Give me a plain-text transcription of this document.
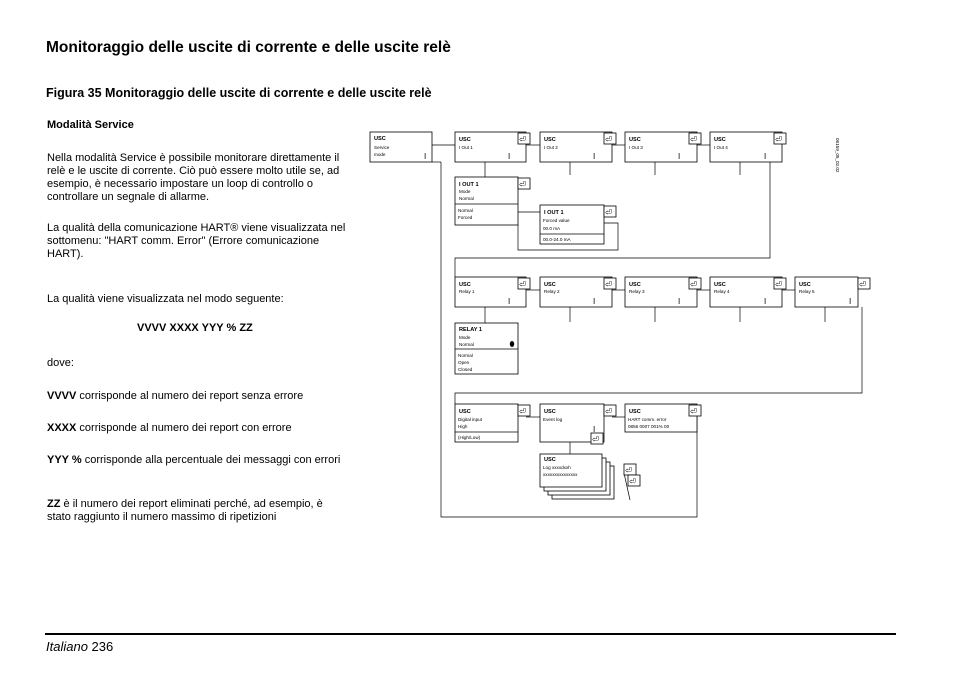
Monitoraggio delle uscite di corrente e delle uscite relè
Figura 35 Monitoraggio delle uscite di corrente e delle uscite relè
Modalità Service
Nella modalità Service è possibile monitorare direttamente il relè e le uscite di corrente. Ciò può essere molto utile se, ad esempio, è necessario impostare un loop di controllo o controllare un segnale di allarme.
La qualità della comunicazione HART® viene visualizzata nel sottomenu: "HART comm. Error" (Errore comunicazione HART).
La qualità viene visualizzata nel modo seguente:
VVVV XXXX YYY % ZZ
dove:
VVVV corrisponde al numero dei report senza errore
XXXX corrisponde al numero dei report con errore
YYY % corrisponde alla percentuale dei messaggi con errori
ZZ è il numero dei report eliminati perché, ad esempio, è stato raggiunto il numero massimo di ripetizioni
USC
Service
mode	I
⏎
USC
I Out 1
I
⏎
USC
I Out 2
I
⏎
USC
I Out 3
I
⏎
USC
I Out 4
I
⏎
I OUT 1
Mode
Normal
Normal
Forced
⏎
I OUT 1
Forced value
00.0 mA
00.0-24.0 mA
⏎
USC
Relay 1
I
⏎
USC
Relay 2
I
⏎
USC
Relay 3
I
⏎
USC
Relay 4
I
⏎
USC
Relay 5
I
RELAY 1
Mode
Normal
Normal
Open
Closed
⏎
USC
Digital input
High
(High/Low)
⏎
⏎
USC
Event log
I
⏎
USC
HART comm. error
0856 0007 001% 00
⏎
⏎
USC
Log xxxxdxxh
xxxxxxxxxxxxxxx
06159_05_02.02
Italiano 236
